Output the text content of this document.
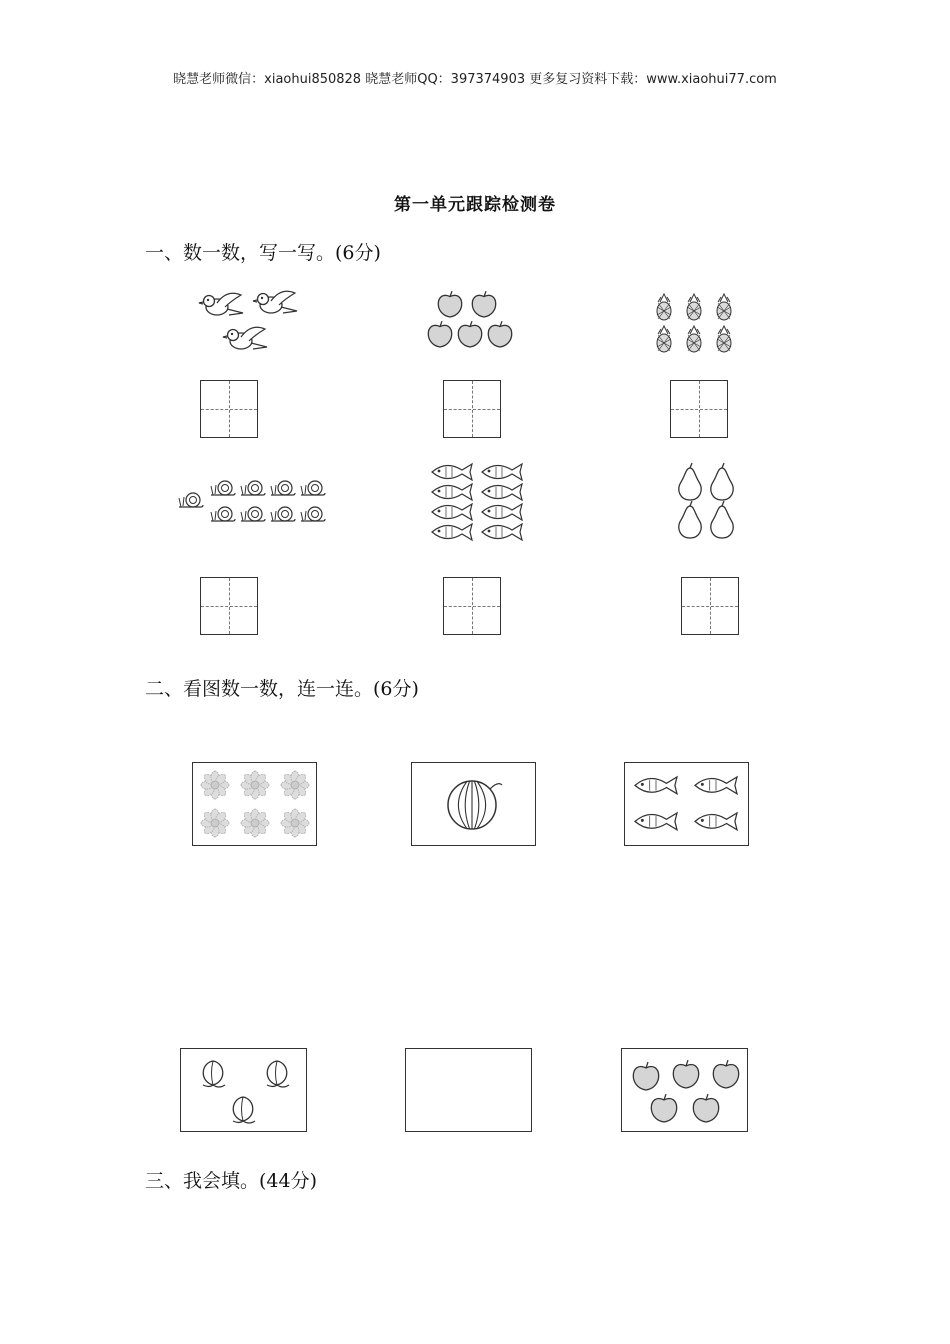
晓慧老师微信：xiaohui850828 晓慧老师QQ：397374903 更多复习资料下载：www.xiaohui77.com
第一单元跟踪检测卷
一、数一数，写一写。(6分)
二、看图数一数，连一连。(6分)
三、我会填。(44分)
